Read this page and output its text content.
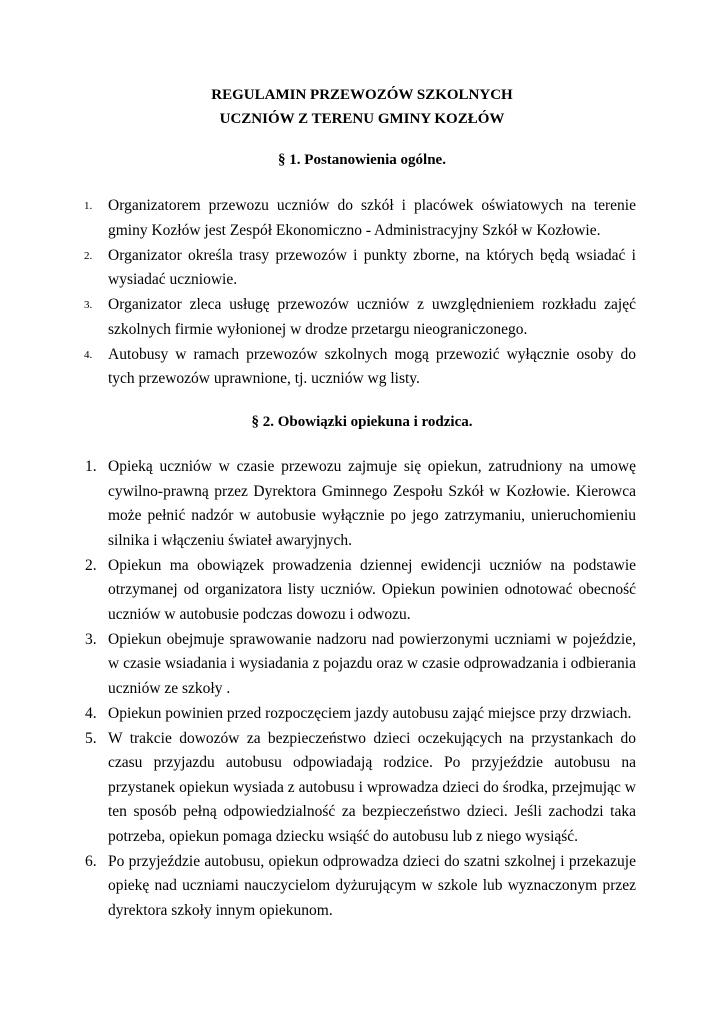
REGULAMIN PRZEWOZÓW SZKOLNYCH
UCZNIÓW Z TERENU GMINY KOZŁÓW
§ 1. Postanowienia ogólne.
1. Organizatorem przewozu uczniów do szkół i placówek oświatowych na terenie gminy Kozłów jest Zespół Ekonomiczno - Administracyjny Szkół w Kozłowie.
2. Organizator określa trasy przewozów i punkty zborne, na których będą wsiadać i wysiadać uczniowie.
3. Organizator zleca usługę przewozów uczniów z uwzględnieniem rozkładu zajęć szkolnych firmie wyłonionej w drodze przetargu nieograniczonego.
4. Autobusy w ramach przewozów szkolnych mogą przewozić wyłącznie osoby do tych przewozów uprawnione, tj. uczniów wg listy.
§ 2. Obowiązki opiekuna i rodzica.
1. Opieką uczniów w czasie przewozu zajmuje się opiekun, zatrudniony na umowę cywilno-prawną przez Dyrektora Gminnego Zespołu Szkół w Kozłowie. Kierowca może pełnić nadzór w autobusie wyłącznie po jego zatrzymaniu, unieruchomieniu silnika i włączeniu świateł awaryjnych.
2. Opiekun ma obowiązek prowadzenia dziennej ewidencji uczniów na podstawie otrzymanej od organizatora listy uczniów. Opiekun powinien odnotować obecność uczniów w autobusie podczas dowozu i odwozu.
3. Opiekun obejmuje sprawowanie nadzoru nad powierzonymi uczniami w pojeździe, w czasie wsiadania i wysiadania z pojazdu oraz w czasie odprowadzania i odbierania uczniów ze szkoły .
4. Opiekun powinien przed rozpoczęciem jazdy autobusu zająć miejsce przy drzwiach.
5. W trakcie dowozów za bezpieczeństwo dzieci oczekujących na przystankach do czasu przyjazdu autobusu odpowiadają rodzice. Po przyjeździe autobusu na przystanek opiekun wysiada z autobusu i wprowadza dzieci do środka, przejmując w ten sposób pełną odpowiedzialność za bezpieczeństwo dzieci. Jeśli zachodzi taka potrzeba, opiekun pomaga dziecku wsiąść do autobusu lub z niego wysiąść.
6. Po przyjeździe autobusu, opiekun odprowadza dzieci do szatni szkolnej i przekazuje opiekę nad uczniami nauczycielom dyżurującym w szkole lub wyznaczonym przez dyrektora szkoły innym opiekunom.
